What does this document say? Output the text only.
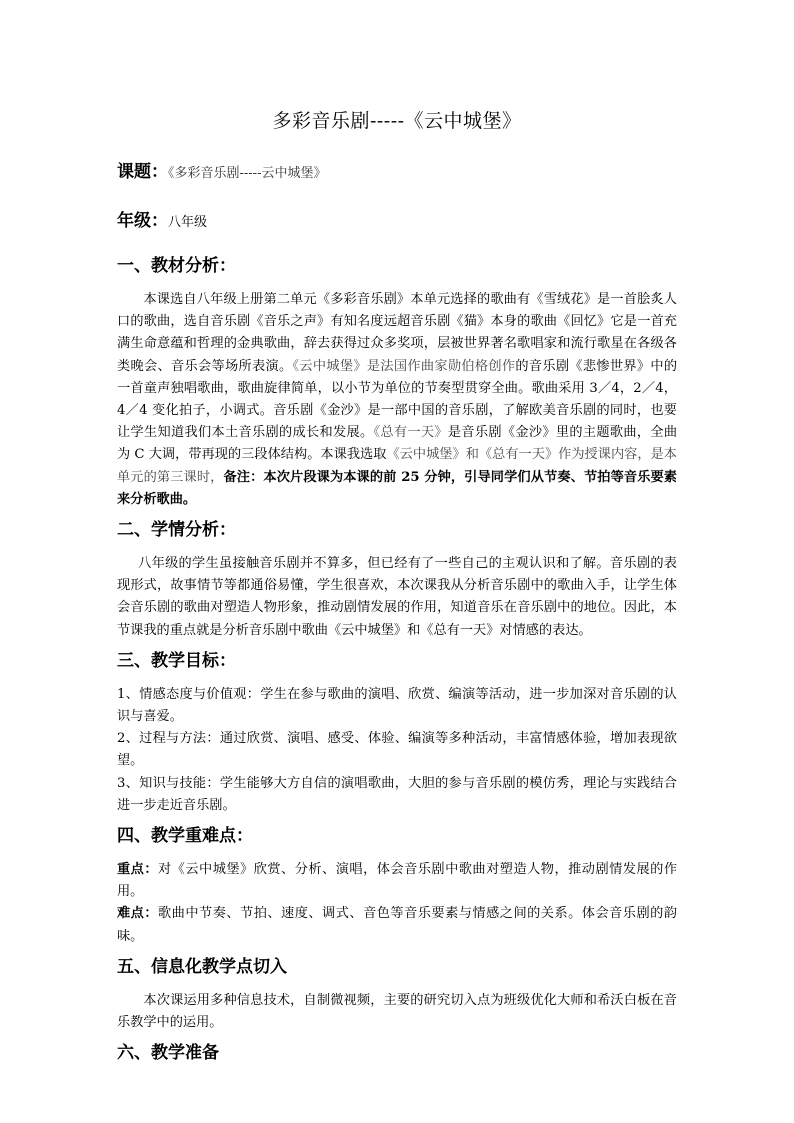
多彩音乐剧-----《云中城堡》
课题：《多彩音乐剧-----云中城堡》
年级：八年级
一、教材分析：

本课选自八年级上册第二单元《多彩音乐剧》本单元选择的歌曲有《雪绒花》是一首脍炙人口的歌曲，选自音乐剧《音乐之声》有知名度远超音乐剧《猫》本身的歌曲《回忆》它是一首充满生命意蕴和哲理的金典歌曲，辞去获得过众多奖项，层被世界著名歌唱家和流行歌星在各级各类晚会、音乐会等场所表演。《云中城堡》是法国作曲家勋伯格创作的音乐剧《悲惨世界》中的一首童声独唱歌曲，歌曲旋律简单，以小节为单位的节奏型贯穿全曲。歌曲采用 3／4，2／4，4／4 变化拍子，小调式。音乐剧《金沙》是一部中国的音乐剧，了解欧美音乐剧的同时，也要让学生知道我们本土音乐剧的成长和发展。《总有一天》是音乐剧《金沙》里的主题歌曲，全曲为 C 大调，带再现的三段体结构。本课我选取《云中城堡》和《总有一天》作为授课内容，是本单元的第三课时，备注：本次片段课为本课的前 25 分钟，引导同学们从节奏、节拍等音乐要素来分析歌曲。

二、学情分析：

八年级的学生虽接触音乐剧并不算多，但已经有了一些自己的主观认识和了解。音乐剧的表现形式，故事情节等都通俗易懂，学生很喜欢，本次课我从分析音乐剧中的歌曲入手，让学生体会音乐剧的歌曲对塑造人物形象，推动剧情发展的作用，知道音乐在音乐剧中的地位。因此，本节课我的重点就是分析音乐剧中歌曲《云中城堡》和《总有一天》对情感的表达。

三、教学目标：

1、情感态度与价值观：学生在参与歌曲的演唱、欣赏、编演等活动，进一步加深对音乐剧的认识与喜爱。

2、过程与方法：通过欣赏、演唱、感受、体验、编演等多种活动，丰富情感体验，增加表现欲望。

3、知识与技能：学生能够大方自信的演唱歌曲，大胆的参与音乐剧的模仿秀，理论与实践结合进一步走近音乐剧。

四、教学重难点：

重点：对《云中城堡》欣赏、分析、演唱，体会音乐剧中歌曲对塑造人物，推动剧情发展的作用。

难点：歌曲中节奏、节拍、速度、调式、音色等音乐要素与情感之间的关系。体会音乐剧的韵味。

五、信息化教学点切入

本次课运用多种信息技术，自制微视频，主要的研究切入点为班级优化大师和希沃白板在音乐教学中的运用。

六、教学准备
